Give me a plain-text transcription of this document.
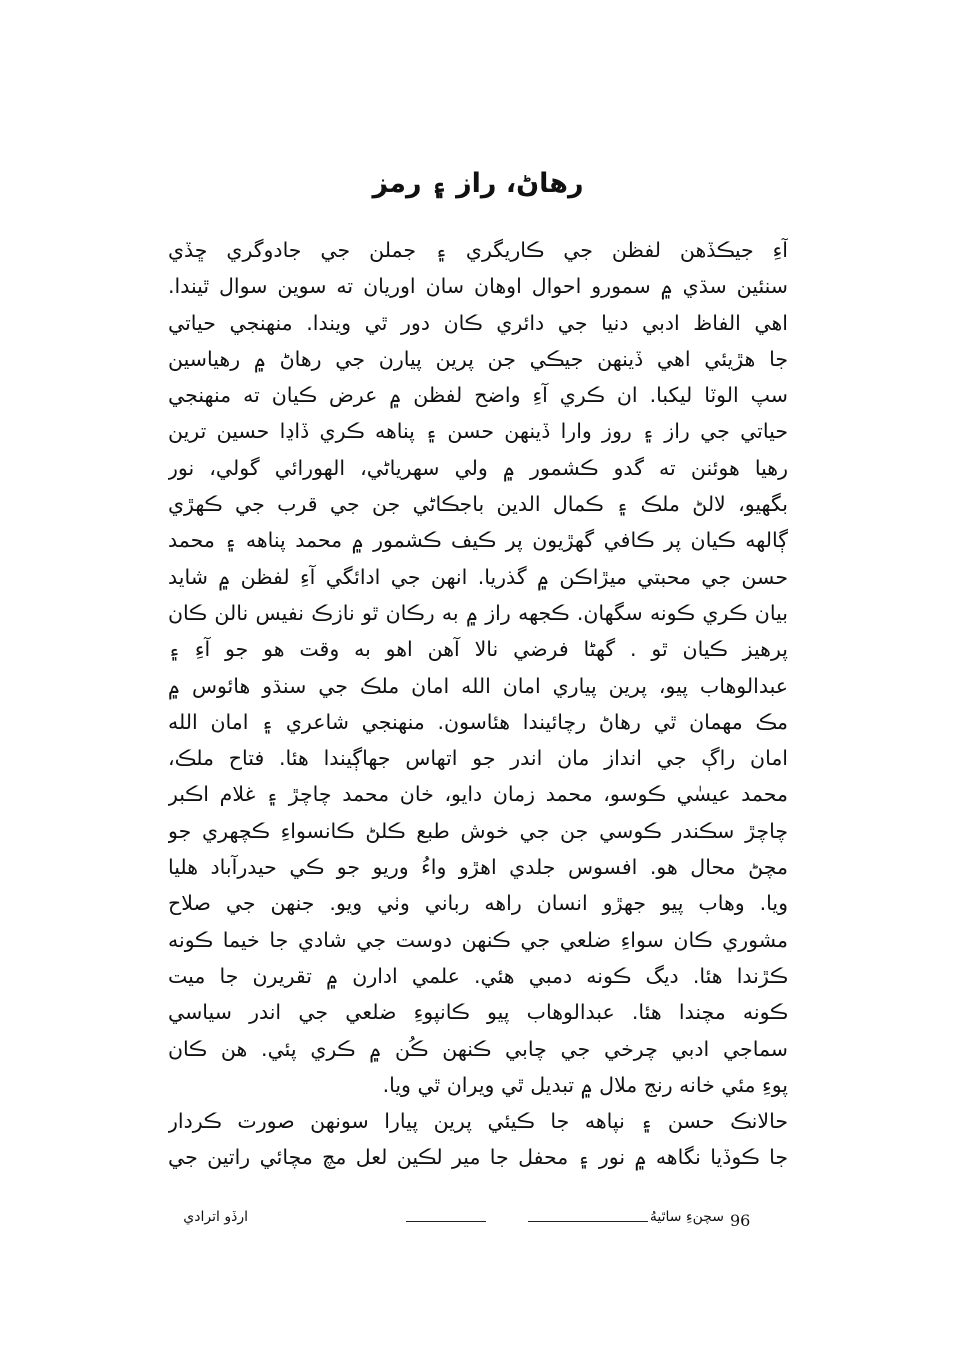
رهاڻ، راز ۽ رمز
آءِ جيڪڏهن لفظن جي ڪاريگري ۽ جملن جي جادوگري ڇڏي
سنئين سڌي ۾ سمورو احوال اوهان سان اوريان ته سوين سوال ٿيندا.
اهي الفاظ ادبي دنيا جي دائري ڪان دور ٿي ويندا. منهنجي حياتي
جا هڙيئي اهي ڏينهن جيڪي جن پرين پيارن جي رهاڻ ۾ رهياسين
سپ الوٽا ليکبا. ان ڪري آءِ واضح لفظن ۾ عرض ڪيان ته منهنجي
حياتي جي راز ۽ روز وارا ڏينهن حسن ۽ پناهه ڪري ڏاڍا حسين ترين
رهيا هوئنن ته گدو ڪشمور ۾ ولي سهرياڻي، الهورائي گولي، نور
بگهيو، لالڻ ملڪ ۽ ڪمال الدين باجڪاڻي جن جي قرب جي ڪهڙي
ڳالهه ڪيان پر ڪافي گهڙيون پر ڪيف ڪشمور ۾ محمد پناهه ۽ محمد
حسن جي محبتي ميڙاڪن ۾ گذريا. انهن جي ادائگي آءِ لفظن ۾ شايد
بيان ڪري ڪونه سگهان. ڪجهه راز ۾ به رڪان ٿو نازڪ نفيس نالن ڪان
پرهيز ڪيان ٿو . گهڻا فرضي نالا آهن اهو به وقت هو جو آءِ ۽
عبدالوهاب پيو، پرين پياري امان الله امان ملڪ جي سنڌو هائوس ۾
مڪ مهمان ٿي رهاڻ رچائيندا هئاسون. منهنجي شاعري ۽ امان الله
امان راڳ جي انداز مان اندر جو اتهاس جهاڳيندا هئا. فتاح ملڪ،
محمد عيسٰي ڪوسو، محمد زمان دايو، خان محمد چاچڙ ۽ غلام اڪبر
چاچڙ سڪندر ڪوسي جن جي خوش طبع ڪلڻ ڪانسواءِ ڪچهري جو
مچڻ محال هو. افسوس جلدي اهڙو واءُ وريو جو ڪي حيدرآباد هليا
ويا. وهاب پيو جهڙو انسان راهه رباني وٺي ويو. جنهن جي صلاح
مشوري ڪان سواءِ ضلعي جي ڪنهن دوست جي شادي جا خيما ڪونه
ڪڙندا هئا. ديگ ڪونه دمبي هئي. علمي ادارن ۾ تقريرن جا ميت
ڪونه مچندا هئا. عبدالوهاب پيو ڪانپوءِ ضلعي جي اندر سياسي
سماجي ادبي چرخي جي چابي ڪنهن ڪُن ۾ ڪري پئي. هن ڪان
پوءِ مئي خانه رنج ملال ۾ تبديل ٿي ويران ٿي ويا.
حالانڪ حسن ۽ نپاهه جا ڪيئي پرين پيارا سونهن صورت ڪردار
جا ڪوڏيا نگاهه ۾ نور ۽ محفل جا مير لڪين لعل مچ مچائي راتين جي
96
سچنءِ ساٿيهُ
ارڏو اترادي
